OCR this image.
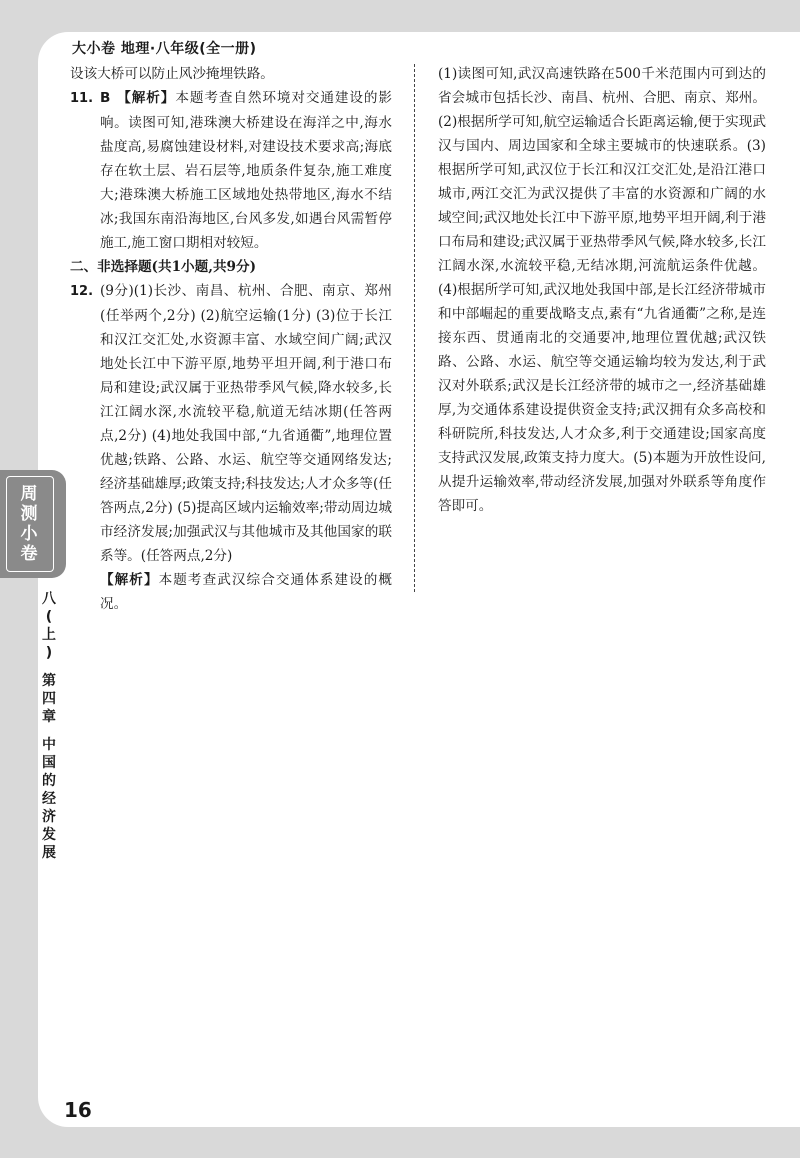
大小卷 地理·八年级(全一册)

设该大桥可以防止风沙掩埋铁路。

11. B 【解析】本题考查自然环境对交通建设的影响。读图可知,港珠澳大桥建设在海洋之中,海水盐度高,易腐蚀建设材料,对建设技术要求高;海底存在软土层、岩石层等,地质条件复杂,施工难度大;港珠澳大桥施工区域地处热带地区,海水不结冰;我国东南沿海地区,台风多发,如遇台风需暂停施工,施工窗口期相对较短。

二、非选择题(共1小题,共9分)

12. (9分)(1)长沙、南昌、杭州、合肥、南京、郑州(任举两个,2分) (2)航空运输(1分) (3)位于长江和汉江交汇处,水资源丰富、水域空间广阔;武汉地处长江中下游平原,地势平坦开阔,利于港口布局和建设;武汉属于亚热带季风气候,降水较多,长江江阔水深,水流较平稳,航道无结冰期(任答两点,2分) (4)地处我国中部,“九省通衢”,地理位置优越;铁路、公路、水运、航空等交通网络发达;经济基础雄厚;政策支持;科技发达;人才众多等(任答两点,2分) (5)提高区域内运输效率;带动周边城市经济发展;加强武汉与其他城市及其他国家的联系等。(任答两点,2分)

【解析】本题考查武汉综合交通体系建设的概况。

(1)读图可知,武汉高速铁路在500千米范围内可到达的省会城市包括长沙、南昌、杭州、合肥、南京、郑州。(2)根据所学可知,航空运输适合长距离运输,便于实现武汉与国内、周边国家和全球主要城市的快速联系。(3)根据所学可知,武汉位于长江和汉江交汇处,是沿江港口城市,两江交汇为武汉提供了丰富的水资源和广阔的水域空间;武汉地处长江中下游平原,地势平坦开阔,利于港口布局和建设;武汉属于亚热带季风气候,降水较多,长江江阔水深,水流较平稳,无结冰期,河流航运条件优越。(4)根据所学可知,武汉地处我国中部,是长江经济带城市和中部崛起的重要战略支点,素有“九省通衢”之称,是连接东西、贯通南北的交通要冲,地理位置优越;武汉铁路、公路、水运、航空等交通运输均较为发达,利于武汉对外联系;武汉是长江经济带的城市之一,经济基础雄厚,为交通体系建设提供资金支持;武汉拥有众多高校和科研院所,科技发达,人才众多,利于交通建设;国家高度支持武汉发展,政策支持力度大。(5)本题为开放性设问,从提升运输效率,带动经济发展,加强对外联系等角度作答即可。

周
测
小
卷
八
(
上
)
第
四
章
中
国
的
经
济
发
展
16
